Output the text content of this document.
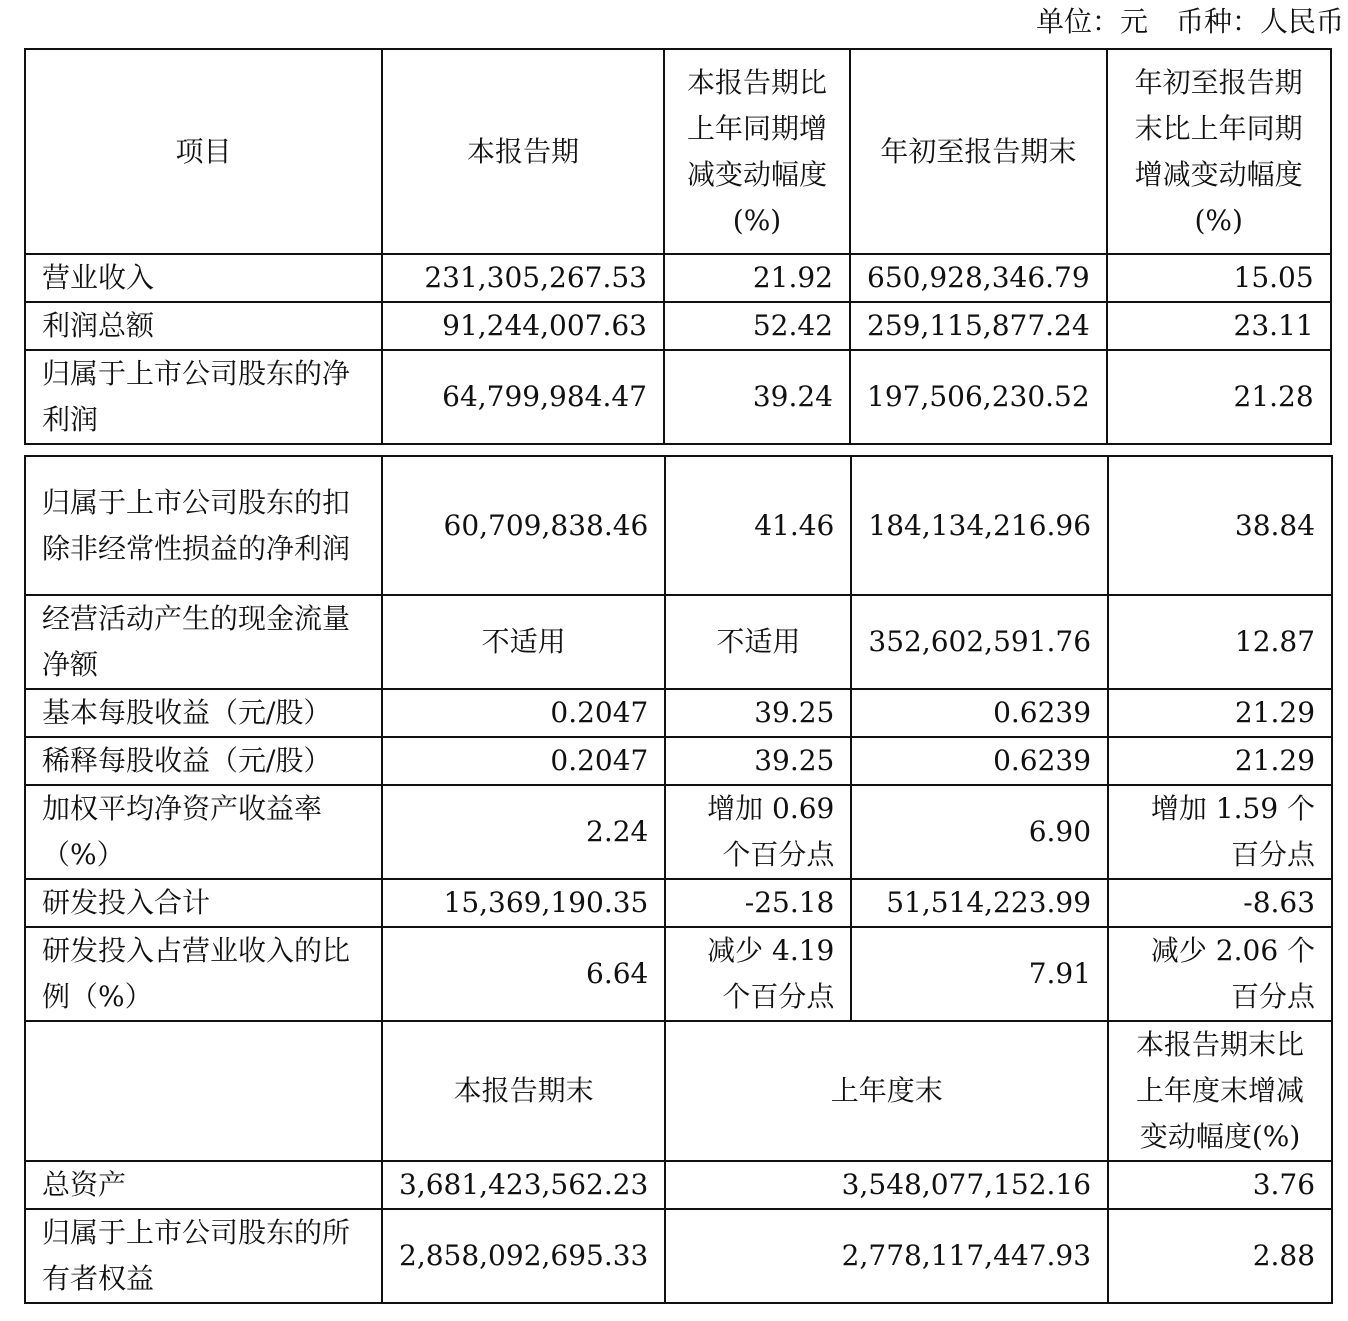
单位：元　币种：人民币
项目	本报告期	本报告期比上年同期增减变动幅度(%)	年初至报告期末	年初至报告期末比上年同期增减变动幅度(%)
营业收入	231,305,267.53	21.92	650,928,346.79	15.05
利润总额	91,244,007.63	52.42	259,115,877.24	23.11
归属于上市公司股东的净利润	64,799,984.47	39.24	197,506,230.52	21.28
归属于上市公司股东的扣除非经常性损益的净利润	60,709,838.46	41.46	184,134,216.96	38.84
经营活动产生的现金流量净额	不适用	不适用	352,602,591.76	12.87
基本每股收益（元/股）	0.2047	39.25	0.6239	21.29
稀释每股收益（元/股）	0.2047	39.25	0.6239	21.29
加权平均净资产收益率（%）	2.24	增加 0.69 个百分点	6.90	增加 1.59 个百分点
研发投入合计	15,369,190.35	-25.18	51,514,223.99	-8.63
研发投入占营业收入的比例（%）	6.64	减少 4.19 个百分点	7.91	减少 2.06 个百分点
	本报告期末	上年度末		本报告期末比上年度末增减变动幅度(%)
总资产	3,681,423,562.23	3,548,077,152.16		3.76
归属于上市公司股东的所有者权益	2,858,092,695.33	2,778,117,447.93		2.88
